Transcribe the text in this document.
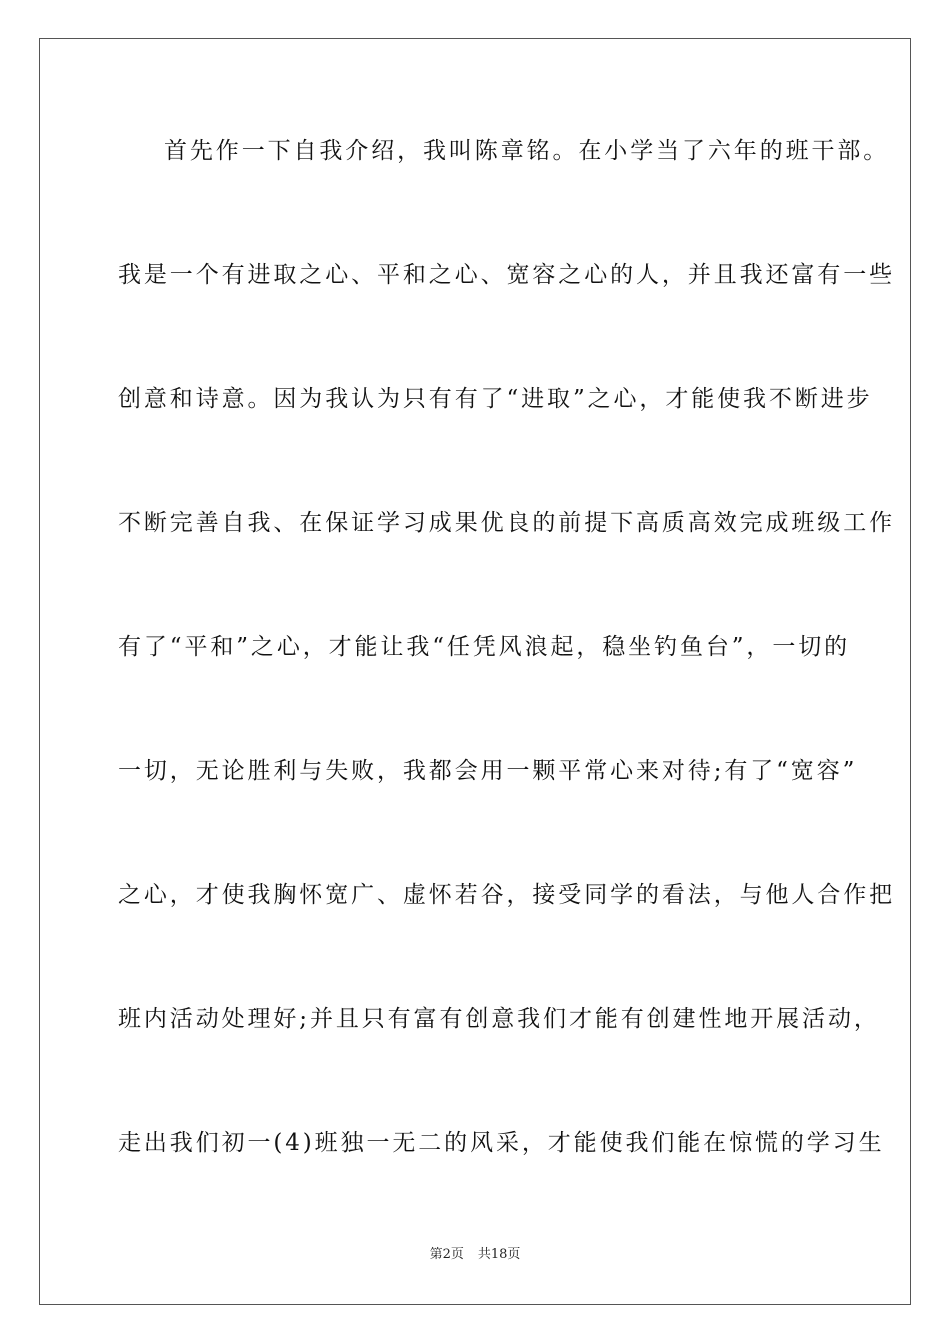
首先作一下自我介绍，我叫陈章铭。在小学当了六年的班干部。
我是一个有进取之心、平和之心、宽容之心的人，并且我还富有一些
创意和诗意。因为我认为只有有了“进取”之心，才能使我不断进步
不断完善自我、在保证学习成果优良的前提下高质高效完成班级工作
有了“平和”之心，才能让我“任凭风浪起，稳坐钓鱼台”，一切的
一切，无论胜利与失败，我都会用一颗平常心来对待;有了“宽容”
之心，才使我胸怀宽广、虚怀若谷，接受同学的看法，与他人合作把
班内活动处理好;并且只有富有创意我们才能有创建性地开展活动，
走出我们初一(4)班独一无二的风采，才能使我们能在惊慌的学习生
第2页 共18页
